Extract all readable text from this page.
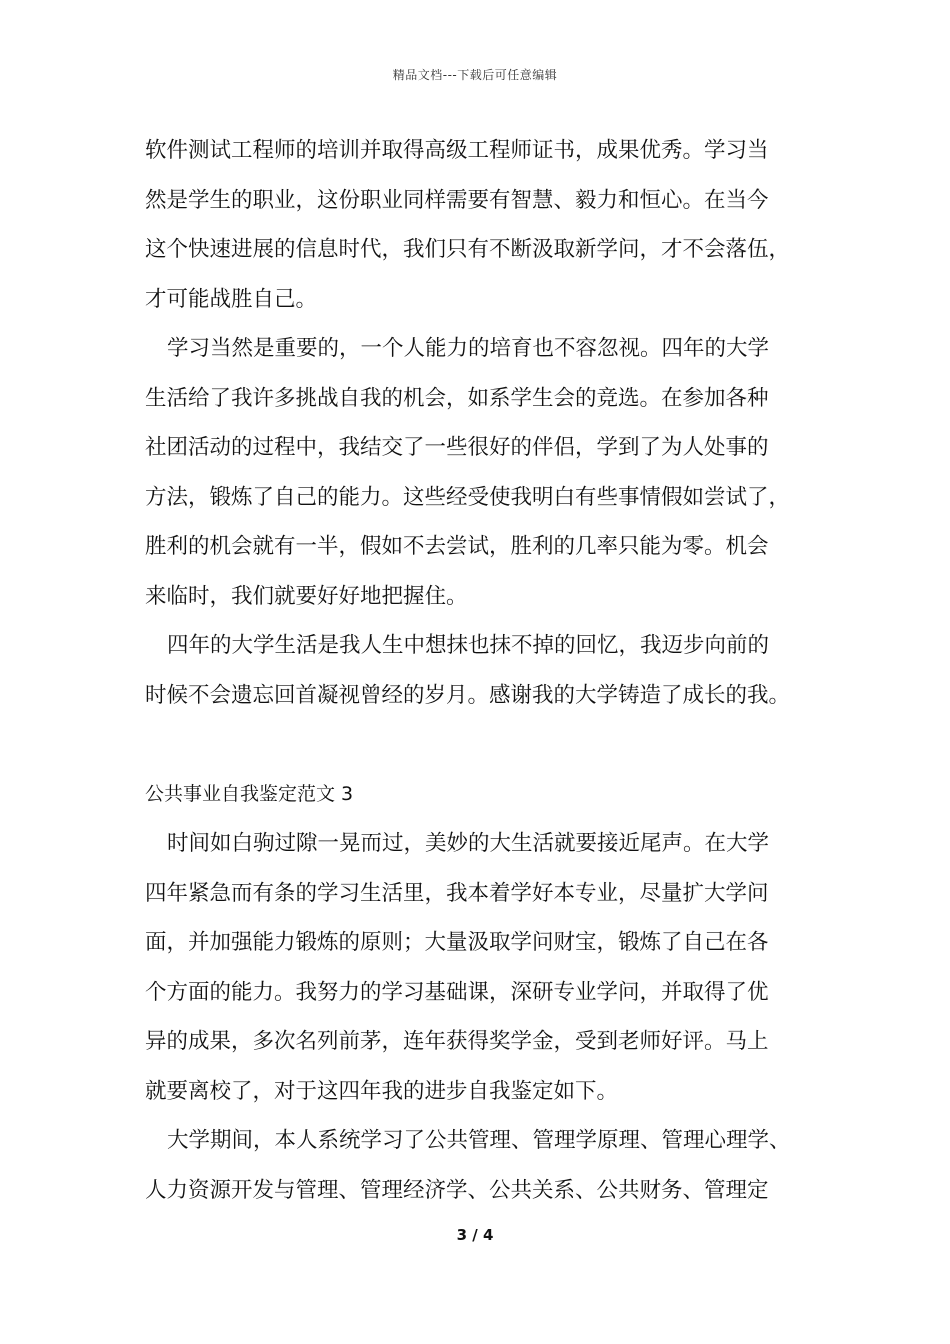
精品文档---下载后可任意编辑
软件测试工程师的培训并取得高级工程师证书，成果优秀。学习当
然是学生的职业，这份职业同样需要有智慧、毅力和恒心。在当今
这个快速进展的信息时代，我们只有不断汲取新学问，才不会落伍，
才可能战胜自己。
学习当然是重要的，一个人能力的培育也不容忽视。四年的大学
生活给了我许多挑战自我的机会，如系学生会的竞选。在参加各种
社团活动的过程中，我结交了一些很好的伴侣，学到了为人处事的
方法，锻炼了自己的能力。这些经受使我明白有些事情假如尝试了，
胜利的机会就有一半，假如不去尝试，胜利的几率只能为零。机会
来临时，我们就要好好地把握住。
四年的大学生活是我人生中想抹也抹不掉的回忆，我迈步向前的
时候不会遗忘回首凝视曾经的岁月。感谢我的大学铸造了成长的我。
公共事业自我鉴定范文 3
时间如白驹过隙一晃而过，美妙的大生活就要接近尾声。在大学
四年紧急而有条的学习生活里，我本着学好本专业，尽量扩大学问
面，并加强能力锻炼的原则；大量汲取学问财宝，锻炼了自己在各
个方面的能力。我努力的学习基础课，深研专业学问，并取得了优
异的成果，多次名列前茅，连年获得奖学金，受到老师好评。马上
就要离校了，对于这四年我的进步自我鉴定如下。
大学期间，本人系统学习了公共管理、管理学原理、管理心理学、
人力资源开发与管理、管理经济学、公共关系、公共财务、管理定
3 / 4
